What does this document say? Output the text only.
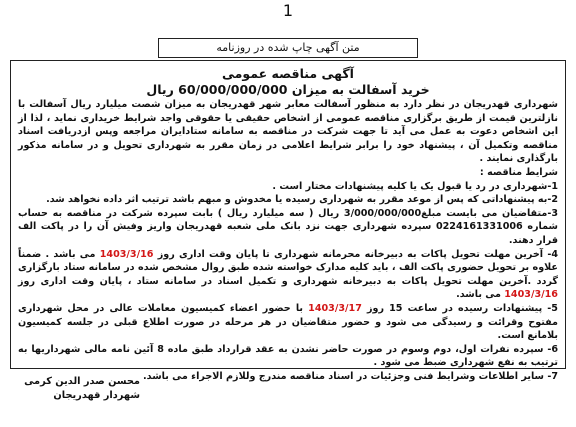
1
متن آگهی چاپ شده در روزنامه
آگهی مناقصه عمومی
خرید آسفالت به میزان 60/000/000/000 ریال

شهرداری قهدریجان در نظر دارد به منظور آسفالت معابر شهر قهدریجان به میزان شصت میلیارد ریال آسفالت با نازلترین قیمت از طریق برگزاری مناقصه عمومی از اشخاص حقیقی یا حقوقی واجد شرایط خریداری نماید ، لذا از این اشخاص دعوت به عمل می آید تا جهت شرکت در مناقصه به سامانه ستادایران مراجعه وپس ازدریافت اسناد مناقصه وتکمیل آن ، پیشنهاد خود را برابر شرایط اعلامی در زمان مقرر به شهرداری تحویل و در سامانه مذکور بارگذاری نمایند .

شرایط مناقصه :

1-شهرداری در رد یا قبول یک یا کلیه پیشنهادات مختار است .

2-به پیشنهاداتی که پس از موعد مقرر به شهرداری رسیده یا مخدوش و مبهم باشد ترتیب اثر داده نخواهد شد.

3-متقاضیان می بایست مبلغ3/000/000/000 ریال ( سه میلیارد ریال ) بابت سپرده شرکت در مناقصه به حساب شماره 0224161331006 سپرده شهرداری جهت نزد بانک ملی شعبه قهدریجان واریز وفیش آن را در پاکت الف قرار دهند.

4- آخرین مهلت تحویل پاکات به دبیرخانه محرمانه شهرداری تا پایان وقت اداری روز 1403/3/16 می باشد . ضمناً علاوه بر تحویل حضوری پاکت الف ، باید کلیه مدارک خواسته شده طبق روال مشخص شده در سامانه ستاد بارگزاری گردد .آخرین مهلت تحویل پاکات به دبیرخانه شهرداری و تکمیل اسناد در سامانه ستاد ، پایان وقت اداری روز 1403/3/16 می باشد.

5- پیشنهادات رسیده در ساعت 15 روز 1403/3/17 با حضور اعضاء کمیسیون معاملات عالی در محل شهرداری مفتوح وقرائت و رسیدگی می شود و حضور متقاضیان در هر مرحله در صورت اطلاع قبلی در جلسه کمیسیون بلامانع است.

6- سپرده نفرات اول، دوم وسوم در صورت حاضر نشدن به عقد قرارداد طبق ماده 8 آئین نامه مالی شهرداریها به ترتیب به نفع شهرداری ضبط می شود .

7- سایر اطلاعات وشرایط فنی وجزئیات در اسناد مناقصه مندرج وللازم الاجراء می باشد.

محسن صدر الدین کرمی
شهردار قهدریجان
